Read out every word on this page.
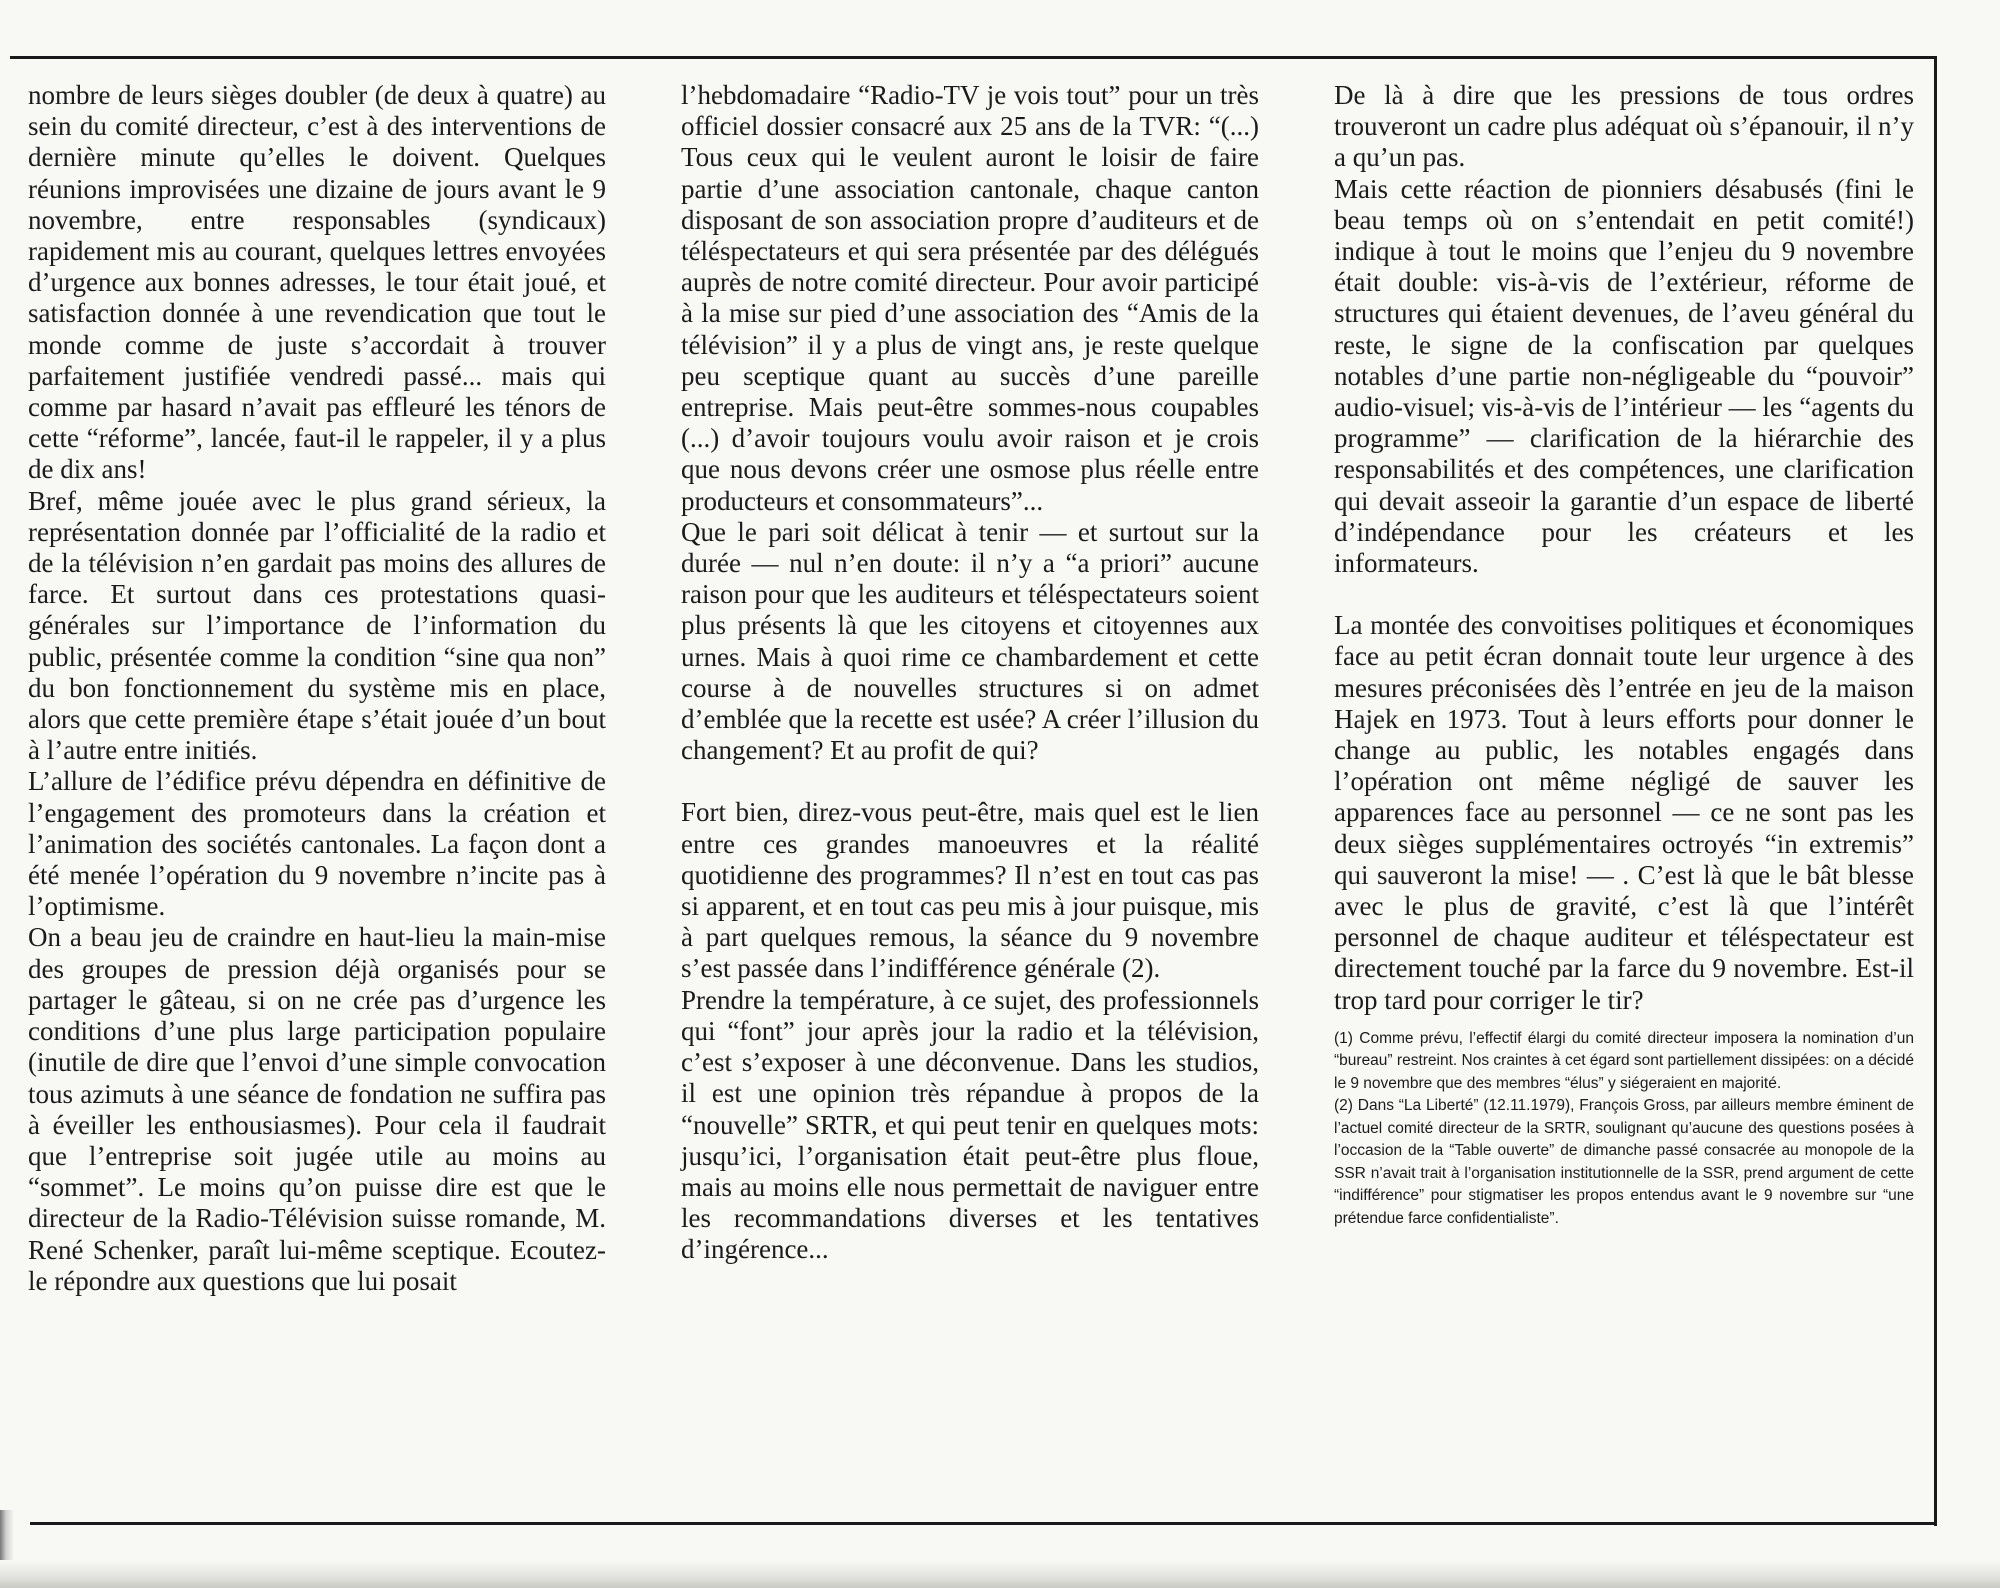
nombre de leurs sièges doubler (de deux à quatre) au sein du comité directeur, c’est à des interventions de dernière minute qu’elles le doivent. Quelques réunions improvisées une dizaine de jours avant le 9 novembre, entre responsables (syndicaux) rapidement mis au courant, quelques lettres envoyées d’urgence aux bonnes adresses, le tour était joué, et satisfaction donnée à une revendication que tout le monde comme de juste s’accordait à trouver parfaitement justifiée vendredi passé... mais qui comme par hasard n’avait pas effleuré les ténors de cette “réforme”, lancée, faut-il le rappeler, il y a plus de dix ans!

Bref, même jouée avec le plus grand sérieux, la représentation donnée par l’officialité de la radio et de la télévision n’en gardait pas moins des allures de farce. Et surtout dans ces protestations quasi-générales sur l’importance de l’information du public, présentée comme la condition “sine qua non” du bon fonctionnement du système mis en place, alors que cette première étape s’était jouée d’un bout à l’autre entre initiés.

L’allure de l’édifice prévu dépendra en définitive de l’engagement des promoteurs dans la création et l’animation des sociétés cantonales. La façon dont a été menée l’opération du 9 novembre n’incite pas à l’optimisme.

On a beau jeu de craindre en haut-lieu la main-mise des groupes de pression déjà organisés pour se partager le gâteau, si on ne crée pas d’urgence les conditions d’une plus large participation populaire (inutile de dire que l’envoi d’une simple convocation tous azimuts à une séance de fondation ne suffira pas à éveiller les enthousiasmes). Pour cela il faudrait que l’entreprise soit jugée utile au moins au “sommet”. Le moins qu’on puisse dire est que le directeur de la Radio-Télévision suisse romande, M. René Schenker, paraît lui-même sceptique. Ecoutez-le répondre aux questions que lui posait

l’hebdomadaire “Radio-TV je vois tout” pour un très officiel dossier consacré aux 25 ans de la TVR: “(...) Tous ceux qui le veulent auront le loisir de faire partie d’une association cantonale, chaque canton disposant de son association propre d’auditeurs et de téléspectateurs et qui sera présentée par des délégués auprès de notre comité directeur. Pour avoir participé à la mise sur pied d’une association des “Amis de la télévision” il y a plus de vingt ans, je reste quelque peu sceptique quant au succès d’une pareille entreprise. Mais peut-être sommes-nous coupables (...) d’avoir toujours voulu avoir raison et je crois que nous devons créer une osmose plus réelle entre producteurs et consommateurs”...

Que le pari soit délicat à tenir — et surtout sur la durée — nul n’en doute: il n’y a “a priori” aucune raison pour que les auditeurs et téléspectateurs soient plus présents là que les citoyens et citoyennes aux urnes. Mais à quoi rime ce chambardement et cette course à de nouvelles structures si on admet d’emblée que la recette est usée? A créer l’illusion du changement? Et au profit de qui?

Fort bien, direz-vous peut-être, mais quel est le lien entre ces grandes manoeuvres et la réalité quotidienne des programmes? Il n’est en tout cas pas si apparent, et en tout cas peu mis à jour puisque, mis à part quelques remous, la séance du 9 novembre s’est passée dans l’indifférence générale (2).

Prendre la température, à ce sujet, des professionnels qui “font” jour après jour la radio et la télévision, c’est s’exposer à une déconvenue. Dans les studios, il est une opinion très répandue à propos de la “nouvelle” SRTR, et qui peut tenir en quelques mots: jusqu’ici, l’organisation était peut-être plus floue, mais au moins elle nous permettait de naviguer entre les recommandations diverses et les tentatives d’ingérence...

De là à dire que les pressions de tous ordres trouveront un cadre plus adéquat où s’épanouir, il n’y a qu’un pas.

Mais cette réaction de pionniers désabusés (fini le beau temps où on s’entendait en petit comité!) indique à tout le moins que l’enjeu du 9 novembre était double: vis-à-vis de l’extérieur, réforme de structures qui étaient devenues, de l’aveu général du reste, le signe de la confiscation par quelques notables d’une partie non-négligeable du “pouvoir” audio-visuel; vis-à-vis de l’intérieur — les “agents du programme” — clarification de la hiérarchie des responsabilités et des compétences, une clarification qui devait asseoir la garantie d’un espace de liberté d’indépendance pour les créateurs et les informateurs.

La montée des convoitises politiques et économiques face au petit écran donnait toute leur urgence à des mesures préconisées dès l’entrée en jeu de la maison Hajek en 1973. Tout à leurs efforts pour donner le change au public, les notables engagés dans l’opération ont même négligé de sauver les apparences face au personnel — ce ne sont pas les deux sièges supplémentaires octroyés “in extremis” qui sauveront la mise! — . C’est là que le bât blesse avec le plus de gravité, c’est là que l’intérêt personnel de chaque auditeur et téléspectateur est directement touché par la farce du 9 novembre. Est-il trop tard pour corriger le tir?

(1) Comme prévu, l’effectif élargi du comité directeur imposera la nomination d’un “bureau” restreint. Nos craintes à cet égard sont partiellement dissipées: on a décidé le 9 novembre que des membres “élus” y siégeraient en majorité.

(2) Dans “La Liberté” (12.11.1979), François Gross, par ailleurs membre éminent de l’actuel comité directeur de la SRTR, soulignant qu’aucune des questions posées à l’occasion de la “Table ouverte” de dimanche passé consacrée au monopole de la SSR n’avait trait à l’organisation institutionnelle de la SSR, prend argument de cette “indifférence” pour stigmatiser les propos entendus avant le 9 novembre sur “une prétendue farce confidentialiste”.
